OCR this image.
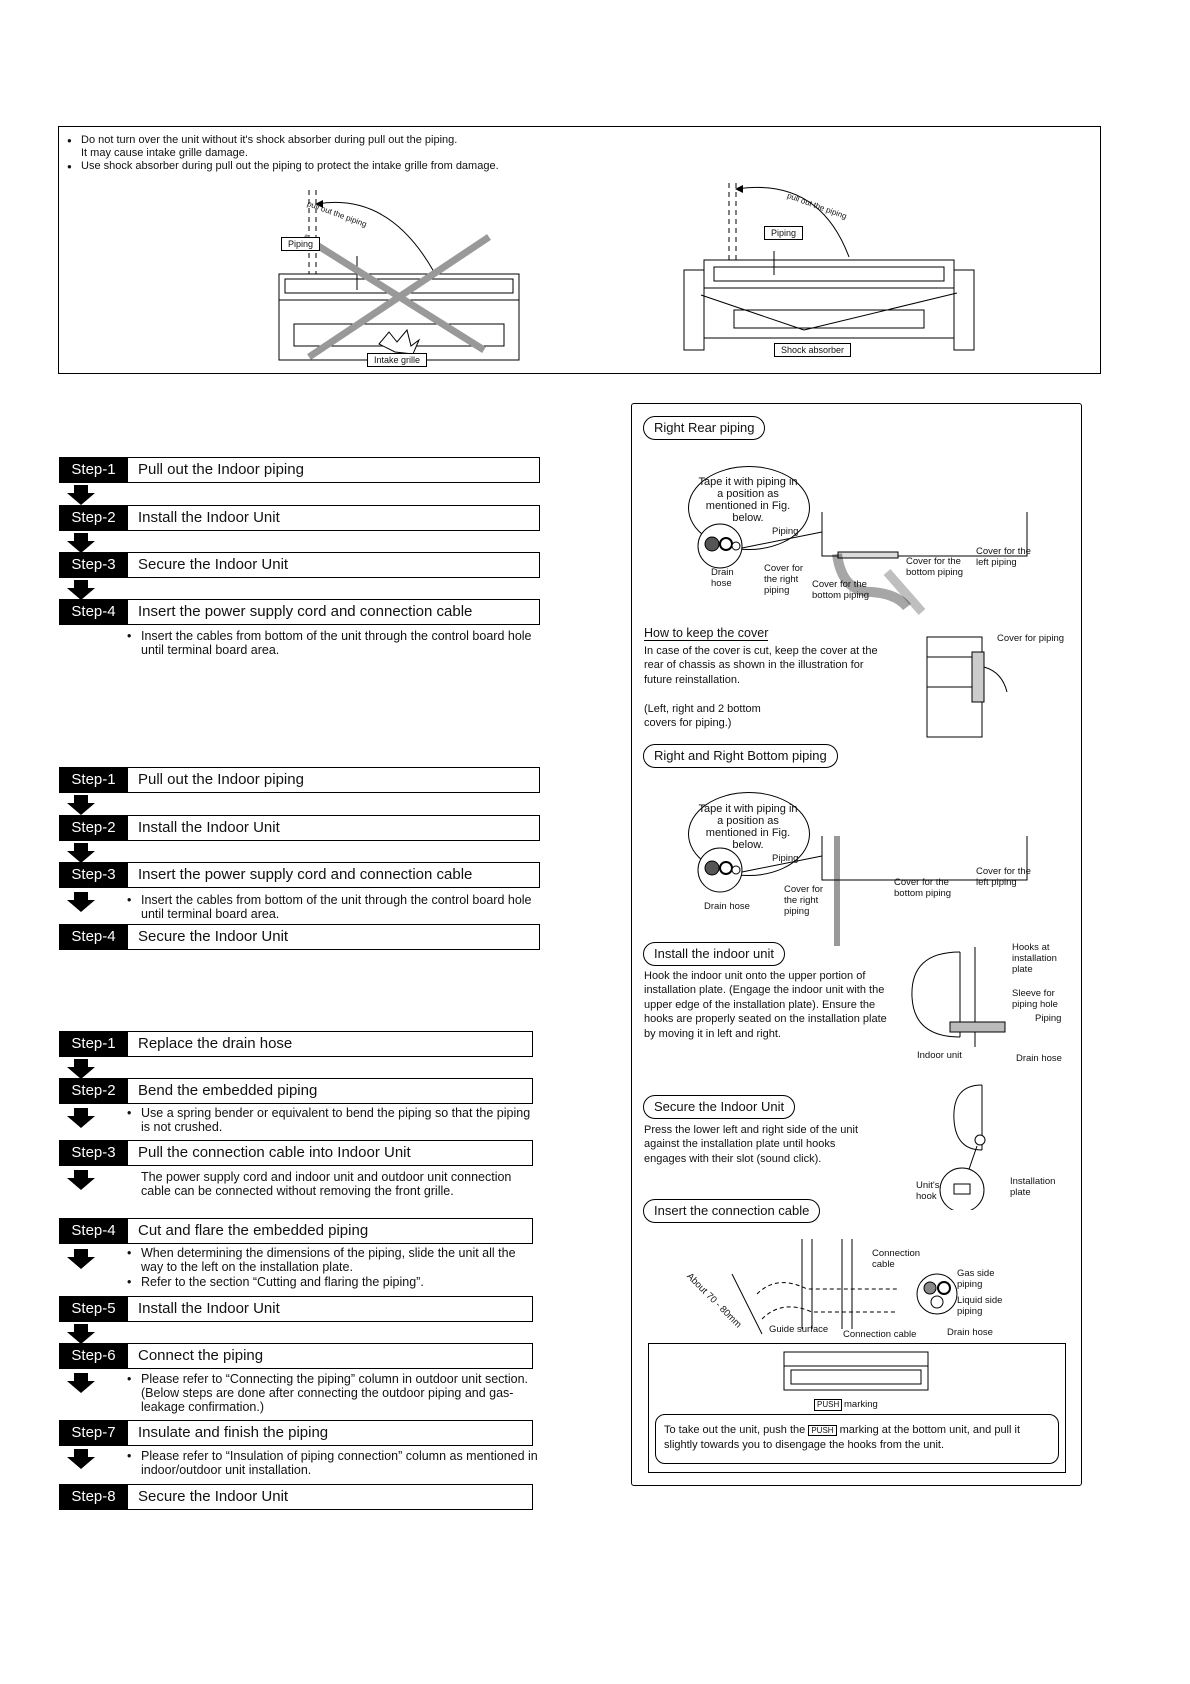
● Do not turn over the unit without it's shock absorber during pull out the piping.
It may cause intake grille damage.
● Use shock absorber during pull out the piping to protect the intake grille from damage.
pull out the piping
Piping
Intake grille
pull out the piping
Piping
Shock absorber
Step-1	Pull out the Indoor piping
Step-2	Install the Indoor Unit
Step-3	Secure the Indoor Unit
Step-4	Insert the power supply cord and connection cable
• Insert the cables from bottom of the unit through the control board hole until terminal board area.
Step-1	Pull out the Indoor piping
Step-2	Install the Indoor Unit
Step-3	Insert the power supply cord and connection cable
• Insert the cables from bottom of the unit through the control board hole until terminal board area.
Step-4	Secure the Indoor Unit
Step-1	Replace the drain hose
Step-2	Bend the embedded piping
• Use a spring bender or equivalent to bend the piping so that the piping is not crushed.
Step-3	Pull the connection cable into Indoor Unit
The power supply cord and indoor unit and outdoor unit connection cable can be connected without removing the front grille.
Step-4	Cut and flare the embedded piping
• When determining the dimensions of the piping, slide the unit all the way to the left on the installation plate.
• Refer to the section “Cutting and flaring the piping”.
Step-5	Install the Indoor Unit
Step-6	Connect the piping
• Please refer to “Connecting the piping” column in outdoor unit section. (Below steps are done after connecting the outdoor piping and gas-leakage confirmation.)
Step-7	Insulate and finish the piping
• Please refer to “Insulation of piping connection” column as mentioned in indoor/outdoor unit installation.
Step-8	Secure the Indoor Unit
Right Rear piping
Tape it with piping in a position as mentioned in Fig. below.
Piping
Drain hose
Cover for the right piping
Cover for the bottom piping
Cover for the bottom piping
Cover for the left piping
How to keep the cover
In case of the cover is cut, keep the cover at the rear of chassis as shown in the illustration for future reinstallation.
(Left, right and 2 bottom covers for piping.)
Cover for piping
Right and Right Bottom piping
Tape it with piping in a position as mentioned in Fig. below.
Piping
Drain hose
Cover for the right piping
Cover for the bottom piping
Cover for the left piping
Install the indoor unit
Hook the indoor unit onto the upper portion of installation plate. (Engage the indoor unit with the upper edge of the installation plate). Ensure the hooks are properly seated on the installation plate by moving it in left and right.
Hooks at installation plate
Sleeve for piping hole
Piping
Indoor unit	Drain hose
Secure the Indoor Unit
Press the lower left and right side of the unit against the installation plate until hooks engages with their slot (sound click).
Unit's hook
Installation plate
Insert the connection cable
About 70 - 80mm
Connection cable
Gas side piping
Liquid side piping
Guide surface Connection cable	Drain hose
PUSH marking
To take out the unit, push the PUSH marking at the bottom unit, and pull it slightly towards you to disengage the hooks from the unit.
